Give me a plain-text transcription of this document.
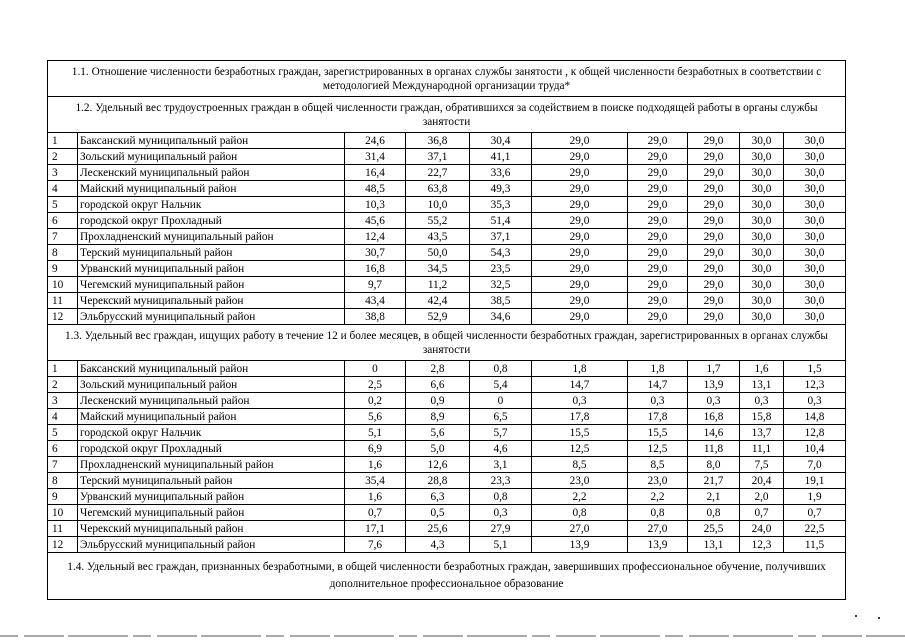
1.1. Отношение численности безработных граждан, зарегистрированных в органах службы занятости , к общей численности безработных в соответствии с методологией Международной организации труда*									
1.2. Удельный вес трудоустроенных граждан в общей численности граждан, обратившихся за содействием в поиске подходящей работы в органы службы занятости									
1	Баксанский муниципальный район	24,6	36,8	30,4	29,0	29,0	29,0	30,0	30,0
2	Зольский муниципальный район	31,4	37,1	41,1	29,0	29,0	29,0	30,0	30,0
3	Лескенский муниципальный район	16,4	22,7	33,6	29,0	29,0	29,0	30,0	30,0
4	Майский муниципальный район	48,5	63,8	49,3	29,0	29,0	29,0	30,0	30,0
5	городской округ Нальчик	10,3	10,0	35,3	29,0	29,0	29,0	30,0	30,0
6	городской округ Прохладный	45,6	55,2	51,4	29,0	29,0	29,0	30,0	30,0
7	Прохладненский муниципальный район	12,4	43,5	37,1	29,0	29,0	29,0	30,0	30,0
8	Терский муниципальный район	30,7	50,0	54,3	29,0	29,0	29,0	30,0	30,0
9	Урванский муниципальный район	16,8	34,5	23,5	29,0	29,0	29,0	30,0	30,0
10	Чегемский муниципальный район	9,7	11,2	32,5	29,0	29,0	29,0	30,0	30,0
11	Черекский муниципальный район	43,4	42,4	38,5	29,0	29,0	29,0	30,0	30,0
12	Эльбрусский муниципальный район	38,8	52,9	34,6	29,0	29,0	29,0	30,0	30,0
1.3. Удельный вес граждан, ищущих работу в течение 12 и более месяцев, в общей численности безработных граждан, зарегистрированных в органах службы занятости									
1	Баксанский муниципальный район	0	2,8	0,8	1,8	1,8	1,7	1,6	1,5
2	Зольский муниципальный район	2,5	6,6	5,4	14,7	14,7	13,9	13,1	12,3
3	Лескенский муниципальный район	0,2	0,9	0	0,3	0,3	0,3	0,3	0,3
4	Майский муниципальный район	5,6	8,9	6,5	17,8	17,8	16,8	15,8	14,8
5	городской округ Нальчик	5,1	5,6	5,7	15,5	15,5	14,6	13,7	12,8
6	городской округ Прохладный	6,9	5,0	4,6	12,5	12,5	11,8	11,1	10,4
7	Прохладненский муниципальный район	1,6	12,6	3,1	8,5	8,5	8,0	7,5	7,0
8	Терский муниципальный район	35,4	28,8	23,3	23,0	23,0	21,7	20,4	19,1
9	Урванский муниципальный район	1,6	6,3	0,8	2,2	2,2	2,1	2,0	1,9
10	Чегемский муниципальный район	0,7	0,5	0,3	0,8	0,8	0,8	0,7	0,7
11	Черекский муниципальный район	17,1	25,6	27,9	27,0	27,0	25,5	24,0	22,5
12	Эльбрусский муниципальный район	7,6	4,3	5,1	13,9	13,9	13,1	12,3	11,5
1.4. Удельный вес граждан, признанных безработными, в общей численности безработных граждан, завершивших профессиональное обучение, получивших дополнительное профессиональное образование									
